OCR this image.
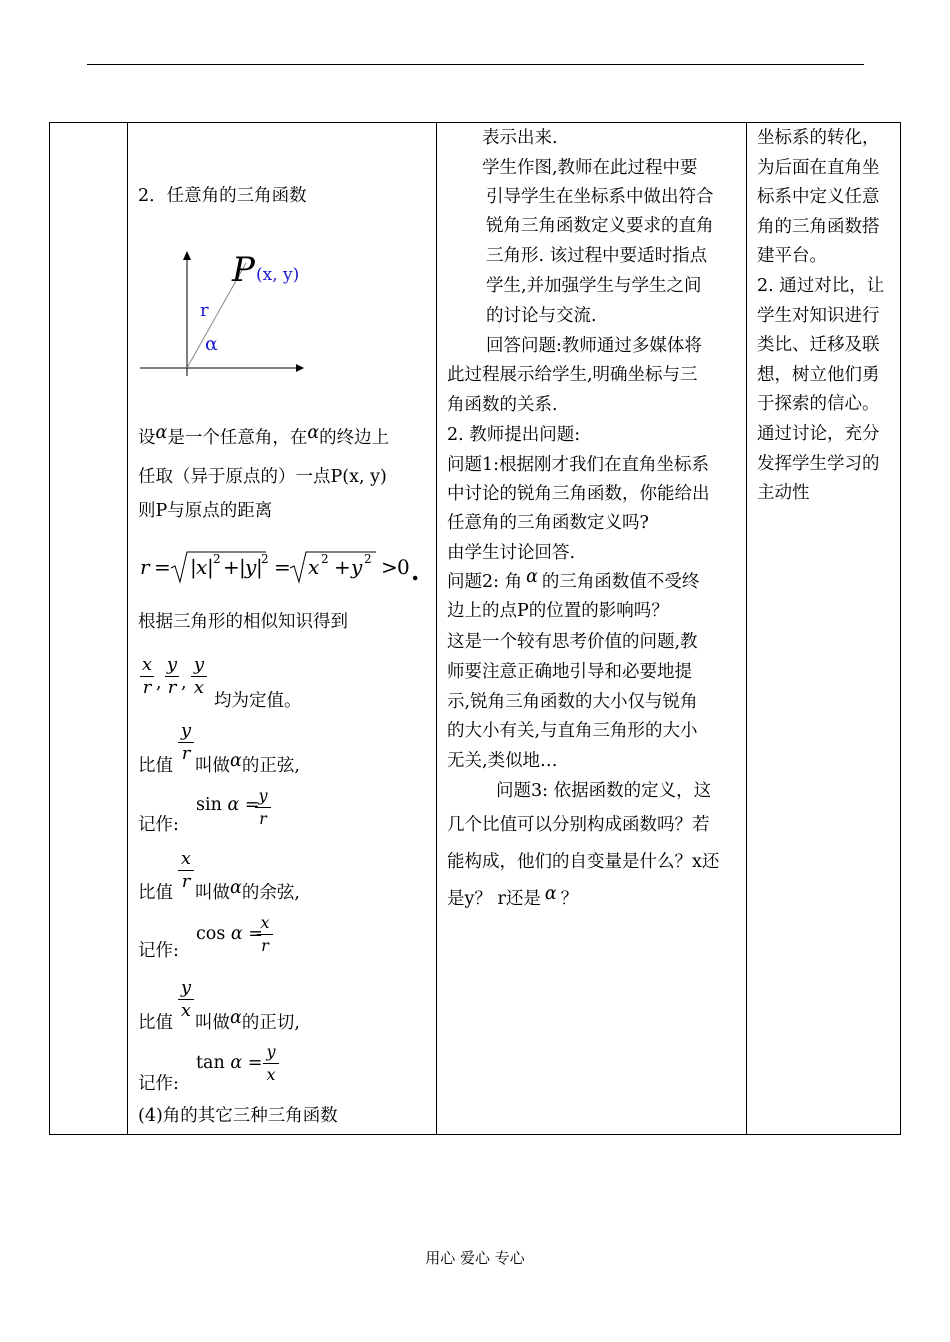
2．任意角的三角函数
P (x, y)
r
α
设α是一个任意角，在α的终边上
任取（异于原点的）一点P(x, y)
则P与原点的距离
r = | x | 2 + | y |
2 = x 2 + y 2 > 0 .
根据三角形的相似知识得到
x
r ,
y
r ,
y
x
均为定值。
y
r
比值 叫做α的正弦,
sin α =
y
r
记作:
x
r
比值 叫做α的余弦,
cos α =
x
r
记作:
y
x
比值 叫做α的正切,
tan α =
y
x
记作:
(4)角的其它三种三角函数
表示出来.
学生作图,教师在此过程中要
引导学生在坐标系中做出符合
锐角三角函数定义要求的直角
三角形. 该过程中要适时指点
学生,并加强学生与学生之间
的讨论与交流.
回答问题:教师通过多媒体将
此过程展示给学生,明确坐标与三
角函数的关系.
2. 教师提出问题:
问题1:根据刚才我们在直角坐标系
中讨论的锐角三角函数，你能给出
任意角的三角函数定义吗?
由学生讨论回答.
问题2: 角 α 的三角函数值不受终
边上的点P的位置的影响吗？
这是一个较有思考价值的问题,教
师要注意正确地引导和必要地提
示,锐角三角函数的大小仅与锐角
的大小有关,与直角三角形的大小
无关,类似地…
问题3: 依据函数的定义，这
几个比值可以分别构成函数吗？若
能构成，他们的自变量是什么？x还
是y？ r还是 α ？
坐标系的转化，
为后面在直角坐
标系中定义任意
角的三角函数搭
建平台。
2. 通过对比，让
学生对知识进行
类比、迁移及联
想，树立他们勇
于探索的信心。
通过讨论，充分
发挥学生学习的
主动性
用心 爱心 专心
